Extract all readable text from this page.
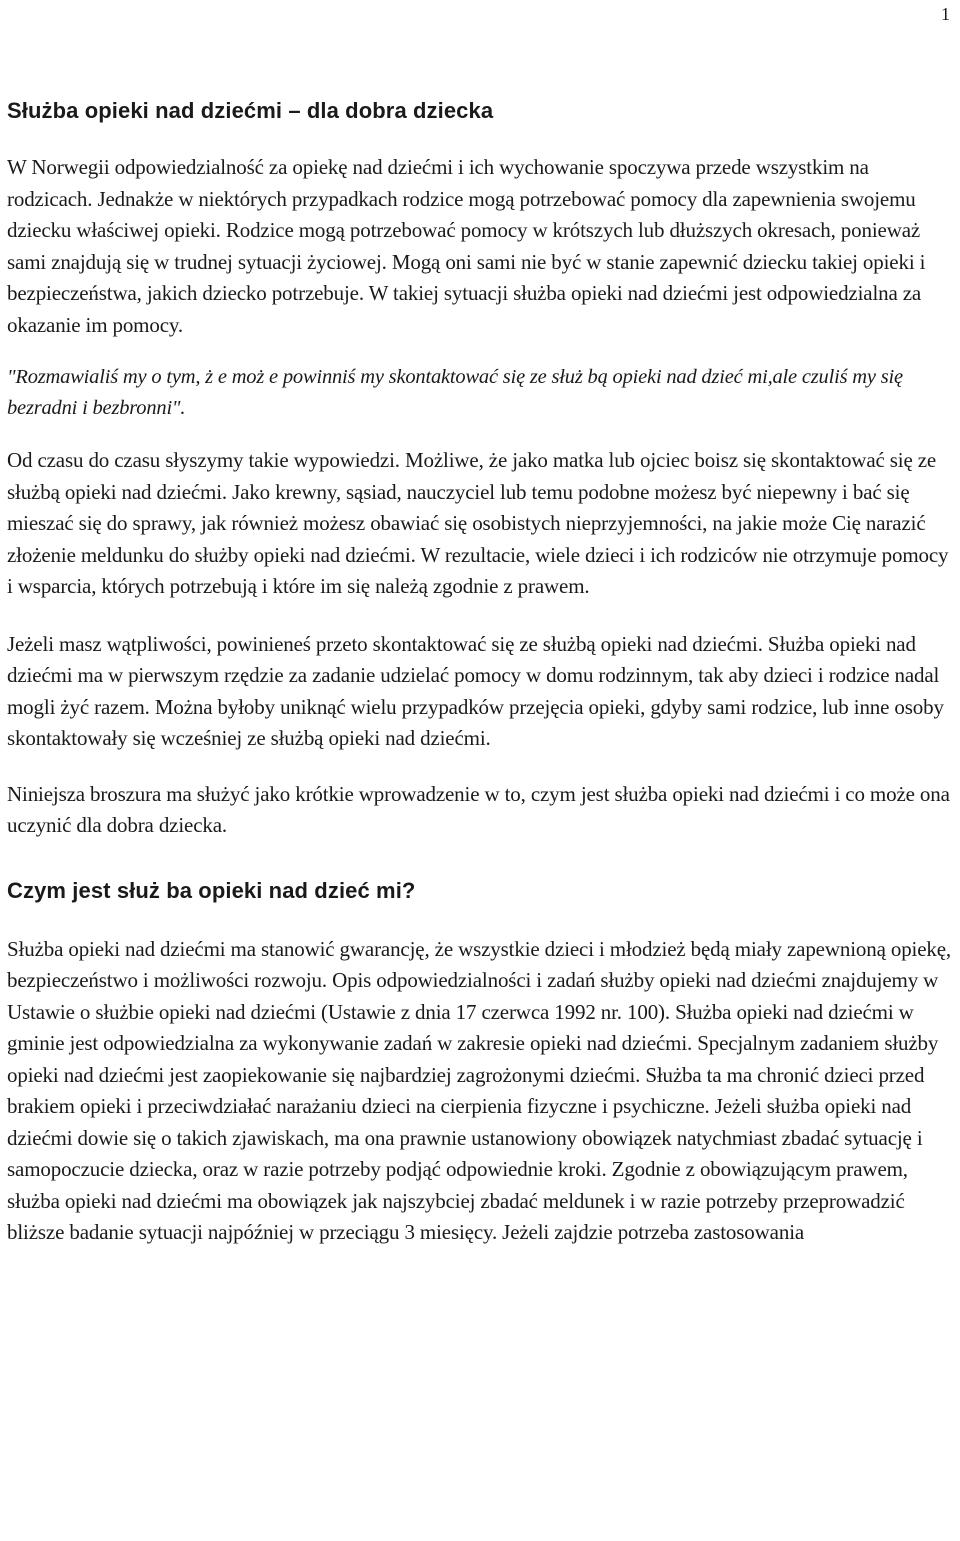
1
Służba opieki nad dziećmi – dla dobra dziecka

W Norwegii odpowiedzialność za opiekę nad dziećmi i ich wychowanie spoczywa przede wszystkim na rodzicach. Jednakże w niektórych przypadkach rodzice mogą potrzebować pomocy dla zapewnienia swojemu dziecku właściwej opieki. Rodzice mogą potrzebować pomocy w krótszych lub dłuższych okresach, ponieważ sami znajdują się w trudnej sytuacji życiowej. Mogą oni sami nie być w stanie zapewnić dziecku takiej opieki i bezpieczeństwa, jakich dziecko potrzebuje. W takiej sytuacji służba opieki nad dziećmi jest odpowiedzialna za okazanie im pomocy.

"Rozmawialiś my o tym, ż e moż e powinniś my skontaktować się ze służ bą opieki nad dzieć mi,ale czuliś my się bezradni i bezbronni".

Od czasu do czasu słyszymy takie wypowiedzi. Możliwe, że jako matka lub ojciec boisz się skontaktować się ze służbą opieki nad dziećmi. Jako krewny, sąsiad, nauczyciel lub temu podobne możesz być niepewny i bać się mieszać się do sprawy, jak również możesz obawiać się osobistych nieprzyjemności, na jakie może Cię narazić złożenie meldunku do służby opieki nad dziećmi. W rezultacie, wiele dzieci i ich rodziców nie otrzymuje pomocy i wsparcia, których potrzebują i które im się należą zgodnie z prawem.

Jeżeli masz wątpliwości, powinieneś przeto skontaktować się ze służbą opieki nad dziećmi. Służba opieki nad dziećmi ma w pierwszym rzędzie za zadanie udzielać pomocy w domu rodzinnym, tak aby dzieci i rodzice nadal mogli żyć razem. Można byłoby uniknąć wielu przypadków przejęcia opieki, gdyby sami rodzice, lub inne osoby skontaktowały się wcześniej ze służbą opieki nad dziećmi.

Niniejsza broszura ma służyć jako krótkie wprowadzenie w to, czym jest służba opieki nad dziećmi i co może ona uczynić dla dobra dziecka.

Czym jest służ ba opieki nad dzieć mi?

Służba opieki nad dziećmi ma stanowić gwarancję, że wszystkie dzieci i młodzież będą miały zapewnioną opiekę, bezpieczeństwo i możliwości rozwoju. Opis odpowiedzialności i zadań służby opieki nad dziećmi znajdujemy w Ustawie o służbie opieki nad dziećmi (Ustawie z dnia 17 czerwca 1992 nr. 100). Służba opieki nad dziećmi w gminie jest odpowiedzialna za wykonywanie zadań w zakresie opieki nad dziećmi. Specjalnym zadaniem służby opieki nad dziećmi jest zaopiekowanie się najbardziej zagrożonymi dziećmi. Służba ta ma chronić dzieci przed brakiem opieki i przeciwdziałać narażaniu dzieci na cierpienia fizyczne i psychiczne. Jeżeli służba opieki nad dziećmi dowie się o takich zjawiskach, ma ona prawnie ustanowiony obowiązek natychmiast zbadać sytuację i samopoczucie dziecka, oraz w razie potrzeby podjąć odpowiednie kroki. Zgodnie z obowiązującym prawem, służba opieki nad dziećmi ma obowiązek jak najszybciej zbadać meldunek i w razie potrzeby przeprowadzić bliższe badanie sytuacji najpóźniej w przeciągu 3 miesięcy. Jeżeli zajdzie potrzeba zastosowania
